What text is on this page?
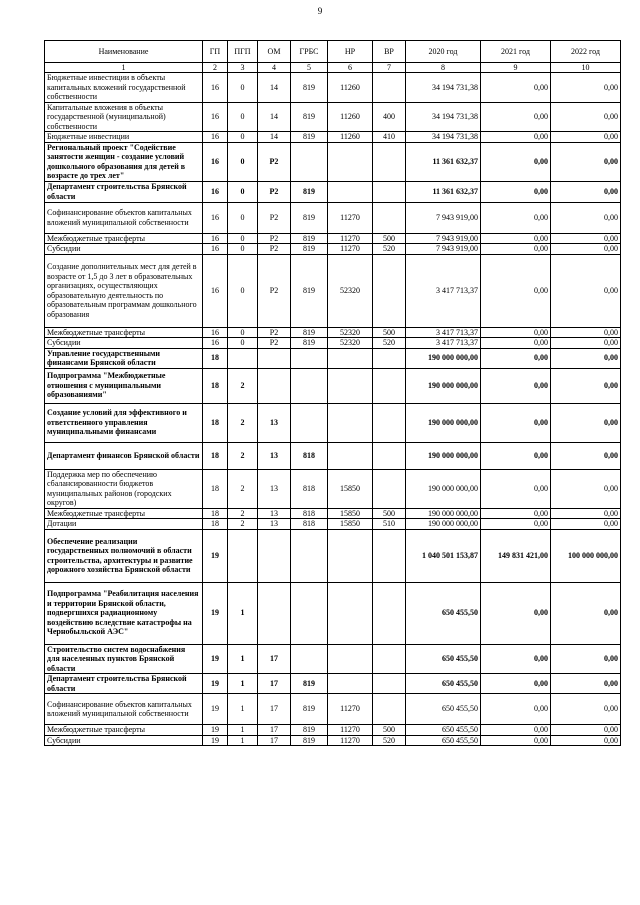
9
Наименование	ГП	ПГП	ОМ	ГРБС	НР	ВР	2020 год	2021 год	2022 год
1	2	3	4	5	6	7	8	9	10
Бюджетные инвестиции в объекты капитальных вложений государственной собственности	16	0	14	819	11260		34 194 731,38	0,00	0,00
Капитальные вложения в объекты государственной (муниципальной) собственности	16	0	14	819	11260	400	34 194 731,38	0,00	0,00
Бюджетные инвестиции	16	0	14	819	11260	410	34 194 731,38	0,00	0,00
Региональный проект "Содействие занятости женщин - создание условий дошкольного образования для детей в возрасте до трех лет"	16	0	P2				11 361 632,37	0,00	0,00
Департамент строительства Брянской области	16	0	P2	819			11 361 632,37	0,00	0,00
Софинансирование объектов капитальных вложений муниципальной собственности	16	0	P2	819	11270		7 943 919,00	0,00	0,00
Межбюджетные трансферты	16	0	P2	819	11270	500	7 943 919,00	0,00	0,00
Субсидии	16	0	P2	819	11270	520	7 943 919,00	0,00	0,00
Создание дополнительных мест для детей в возрасте от 1,5 до 3 лет в образовательных организациях, осуществляющих образовательную деятельность по образовательным программам дошкольного образования	16	0	P2	819	52320		3 417 713,37	0,00	0,00
Межбюджетные трансферты	16	0	P2	819	52320	500	3 417 713,37	0,00	0,00
Субсидии	16	0	P2	819	52320	520	3 417 713,37	0,00	0,00
Управление государственными финансами Брянской области	18						190 000 000,00	0,00	0,00
Подпрограмма "Межбюджетные отношения с муниципальными образованиями"	18	2					190 000 000,00	0,00	0,00
Создание условий для эффективного и ответственного управления муниципальными финансами	18	2	13				190 000 000,00	0,00	0,00
Департамент финансов Брянской области	18	2	13	818			190 000 000,00	0,00	0,00
Поддержка мер по обеспечению сбалансированности бюджетов муниципальных районов (городских округов)	18	2	13	818	15850		190 000 000,00	0,00	0,00
Межбюджетные трансферты	18	2	13	818	15850	500	190 000 000,00	0,00	0,00
Дотации	18	2	13	818	15850	510	190 000 000,00	0,00	0,00
Обеспечение реализации государственных полномочий в области строительства, архитектуры и развитие дорожного хозяйства Брянской области	19						1 040 501 153,87	149 831 421,00	100 000 000,00
Подпрограмма "Реабилитация населения и территории Брянской области, подвергшихся радиационному воздействию вследствие катастрофы на Чернобыльской АЭС"	19	1					650 455,50	0,00	0,00
Строительство систем водоснабжения для населенных пунктов Брянской области	19	1	17				650 455,50	0,00	0,00
Департамент строительства Брянской области	19	1	17	819			650 455,50	0,00	0,00
Софинансирование объектов капитальных вложений муниципальной собственности	19	1	17	819	11270		650 455,50	0,00	0,00
Межбюджетные трансферты	19	1	17	819	11270	500	650 455,50	0,00	0,00
Субсидии	19	1	17	819	11270	520	650 455,50	0,00	0,00
